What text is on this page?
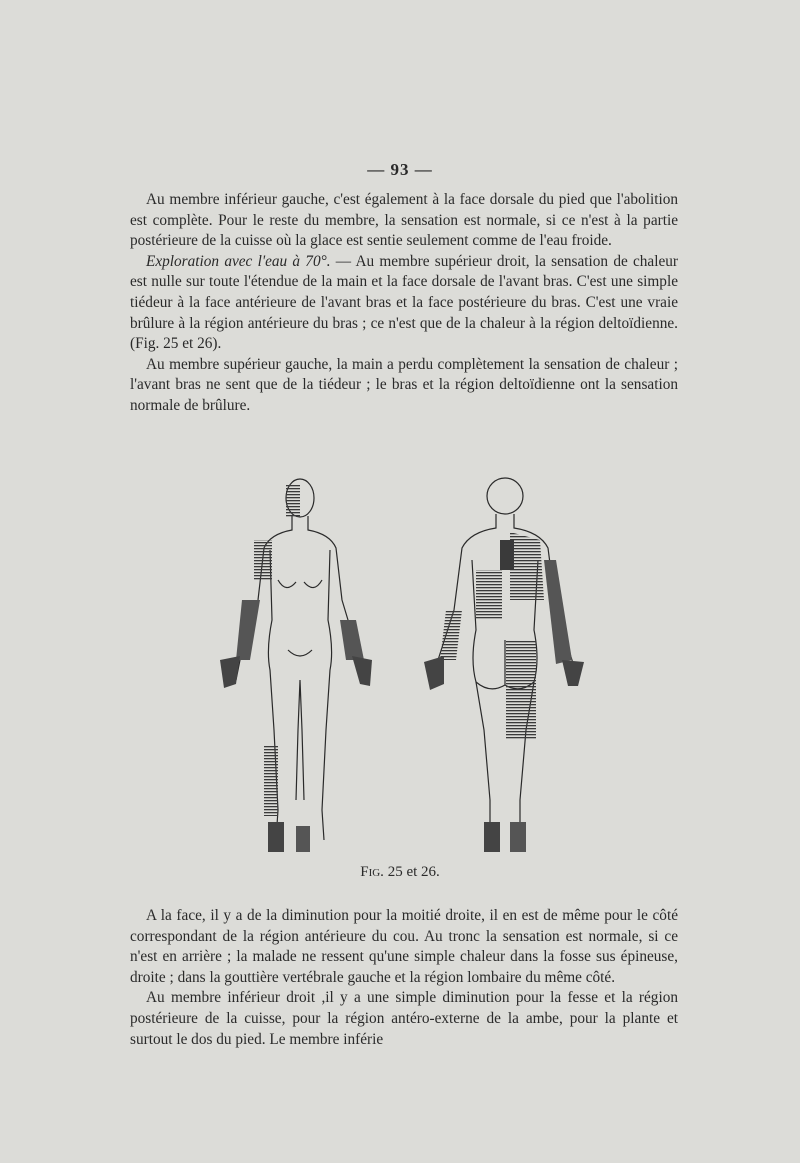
— 93 —

Au membre inférieur gauche, c'est également à la face dorsale du pied que l'abolition est complète. Pour le reste du membre, la sensation est normale, si ce n'est à la partie postérieure de la cuisse où la glace est sentie seulement comme de l'eau froide.

Exploration avec l'eau à 70°. — Au membre supérieur droit, la sensation de chaleur est nulle sur toute l'étendue de la main et la face dorsale de l'avant bras. C'est une simple tiédeur à la face antérieure de l'avant bras et la face postérieure du bras. C'est une vraie brûlure à la région antérieure du bras ; ce n'est que de la chaleur à la région deltoïdienne. (Fig. 25 et 26).

Au membre supérieur gauche, la main a perdu complètement la sensation de chaleur ; l'avant bras ne sent que de la tiédeur ; le bras et la région deltoïdienne ont la sensation normale de brûlure.

Fig. 25 et 26.

A la face, il y a de la diminution pour la moitié droite, il en est de même pour le côté correspondant de la région antérieure du cou. Au tronc la sensation est normale, si ce n'est en arrière ; la malade ne ressent qu'une simple chaleur dans la fosse sus épineuse, droite ; dans la gouttière vertébrale gauche et la région lombaire du même côté.

Au membre inférieur droit ,il y a une simple diminution pour la fesse et la région postérieure de la cuisse, pour la région antéro-externe de la ambe, pour la plante et surtout le dos du pied. Le membre inférie
